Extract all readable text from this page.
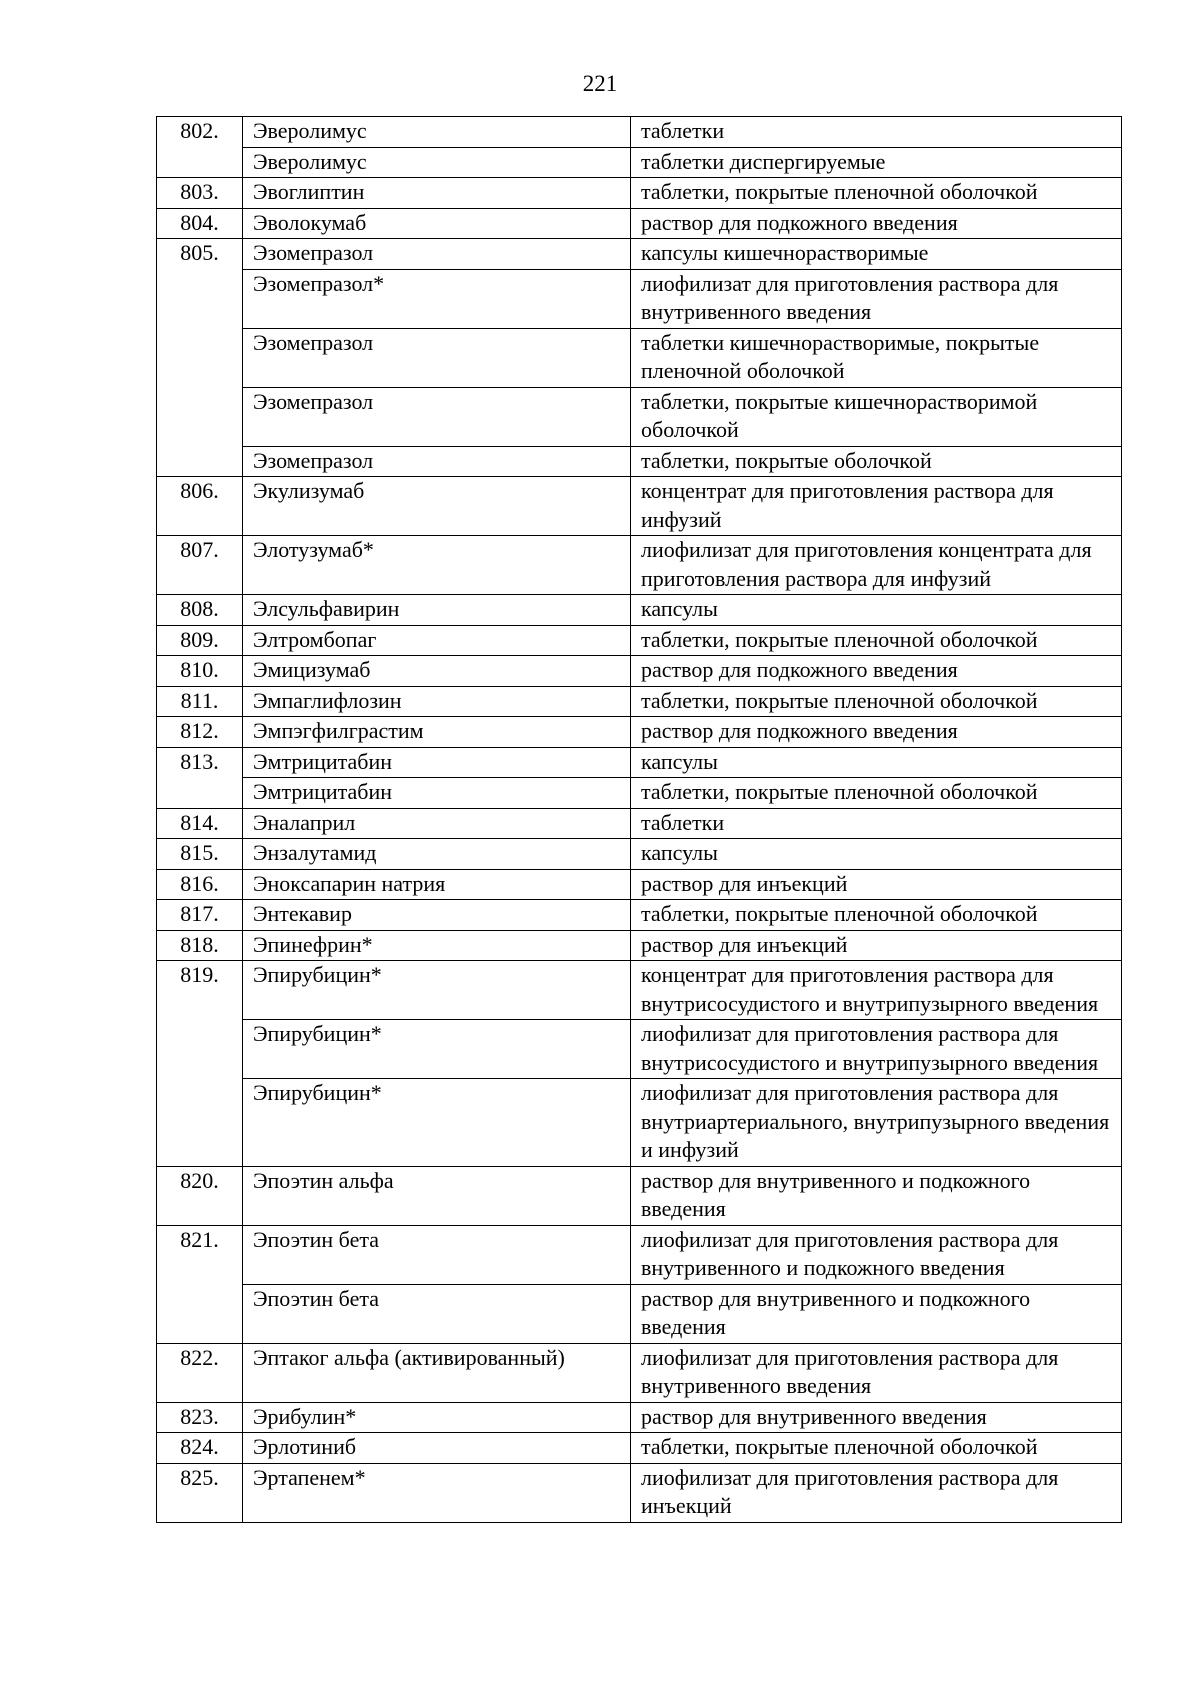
221
802.	Эверолимус	таблетки
	Эверолимус	таблетки диспергируемые
803.	Эвоглиптин	таблетки, покрытые пленочной оболочкой
804.	Эволокумаб	раствор для подкожного введения
805.	Эзомепразол	капсулы кишечнорастворимые
	Эзомепразол*	лиофилизат для приготовления раствора для внутривенного введения
	Эзомепразол	таблетки кишечнорастворимые, покрытые пленочной оболочкой
	Эзомепразол	таблетки, покрытые кишечнорастворимой оболочкой
	Эзомепразол	таблетки, покрытые оболочкой
806.	Экулизумаб	концентрат для приготовления раствора для инфузий
807.	Элотузумаб*	лиофилизат для приготовления концентрата для приготовления раствора для инфузий
808.	Элсульфавирин	капсулы
809.	Элтромбопаг	таблетки, покрытые пленочной оболочкой
810.	Эмицизумаб	раствор для подкожного введения
811.	Эмпаглифлозин	таблетки, покрытые пленочной оболочкой
812.	Эмпэгфилграстим	раствор для подкожного введения
813.	Эмтрицитабин	капсулы
	Эмтрицитабин	таблетки, покрытые пленочной оболочкой
814.	Эналаприл	таблетки
815.	Энзалутамид	капсулы
816.	Эноксапарин натрия	раствор для инъекций
817.	Энтекавир	таблетки, покрытые пленочной оболочкой
818.	Эпинефрин*	раствор для инъекций
819.	Эпирубицин*	концентрат для приготовления раствора для внутрисосудистого и внутрипузырного введения
	Эпирубицин*	лиофилизат для приготовления раствора для внутрисосудистого и внутрипузырного введения
	Эпирубицин*	лиофилизат для приготовления раствора для внутриартериального, внутрипузырного введения и инфузий
820.	Эпоэтин альфа	раствор для внутривенного и подкожного введения
821.	Эпоэтин бета	лиофилизат для приготовления раствора для внутривенного и подкожного введения
	Эпоэтин бета	раствор для внутривенного и подкожного введения
822.	Эптаког альфа (активированный)	лиофилизат для приготовления раствора для внутривенного введения
823.	Эрибулин*	раствор для внутривенного введения
824.	Эрлотиниб	таблетки, покрытые пленочной оболочкой
825.	Эртапенем*	лиофилизат для приготовления раствора для инъекций
